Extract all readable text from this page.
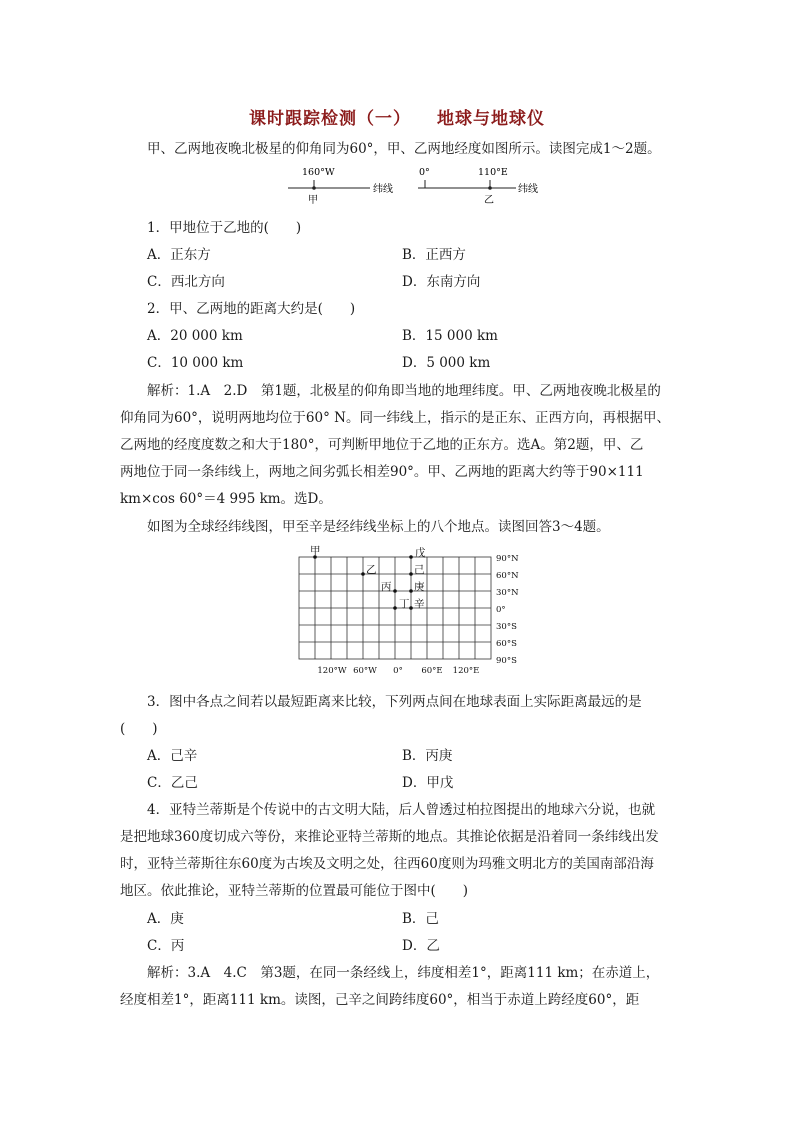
课时跟踪检测（一） 地球与地球仪
甲、乙两地夜晚北极星的仰角同为60°，甲、乙两地经度如图所示。读图完成1～2题。
160°W
甲
纬线
0°	110°E
乙
纬线
1．甲地位于乙地的(　　)
A．正东方	B．正西方
C．西北方向	D．东南方向
2．甲、乙两地的距离大约是(　　)
A．20 000 km	B．15 000 km
C．10 000 km	D．5 000 km
解析：1.A　2.D　第1题，北极星的仰角即当地的地理纬度。甲、乙两地夜晚北极星的
仰角同为60°，说明两地均位于60° N。同一纬线上，指示的是正东、正西方向，再根据甲、
乙两地的经度度数之和大于180°，可判断甲地位于乙地的正东方。选A。第2题，甲、乙
两地位于同一条纬线上，两地之间劣弧长相差90°。甲、乙两地的距离大约等于90×111
km×cos 60°＝4 995 km。选D。
如图为全球经纬线图，甲至辛是经纬线坐标上的八个地点。读图回答3～4题。
甲
乙
丙
丁
戊
己
庚
辛
90°N
60°N
30°N
0°
30°S
60°S
90°S
120°W 60°W 0° 60°E 120°E
3．图中各点之间若以最短距离来比较，下列两点间在地球表面上实际距离最远的是
(　　)
A．己辛	B．丙庚
C．乙己	D．甲戊
4．亚特兰蒂斯是个传说中的古文明大陆，后人曾透过柏拉图提出的地球六分说，也就
是把地球360度切成六等份，来推论亚特兰蒂斯的地点。其推论依据是沿着同一条纬线出发
时，亚特兰蒂斯往东60度为古埃及文明之处，往西60度则为玛雅文明北方的美国南部沿海
地区。依此推论，亚特兰蒂斯的位置最可能位于图中(　　)
A．庚	B．己
C．丙	D．乙
解析：3.A　4.C　第3题，在同一条经线上，纬度相差1°，距离111 km；在赤道上，
经度相差1°，距离111 km。读图，己辛之间跨纬度60°，相当于赤道上跨经度60°，距
